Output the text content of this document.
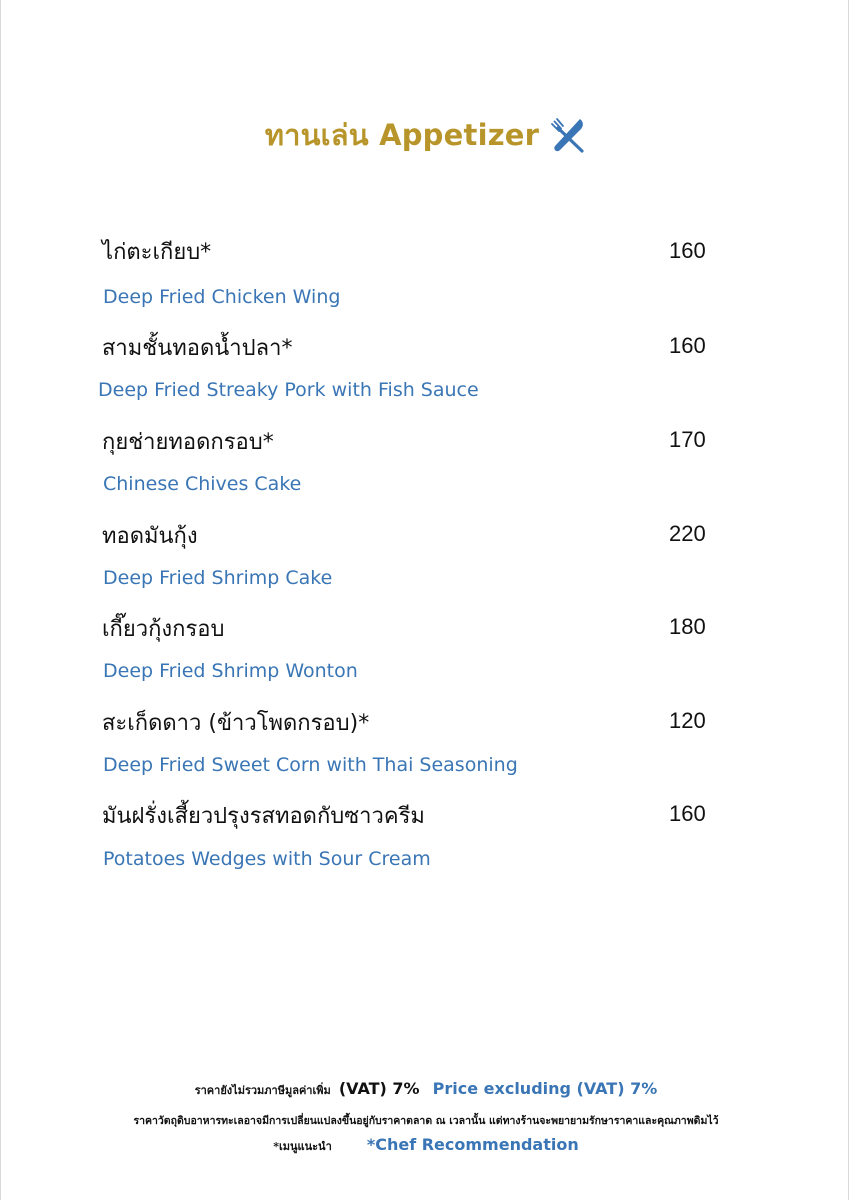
ทานเล่น Appetizer
ไก่ตะเกียบ*	160
Deep Fried Chicken Wing
สามชั้นทอดน้ำปลา*	160
Deep Fried Streaky Pork with Fish Sauce
กุยช่ายทอดกรอบ*	170
Chinese Chives Cake
ทอดมันกุ้ง	220
Deep Fried Shrimp Cake
เกี๊ยวกุ้งกรอบ	180
Deep Fried Shrimp Wonton
สะเก็ดดาว (ข้าวโพดกรอบ)*	120
Deep Fried Sweet Corn with Thai Seasoning
มันฝรั่งเสี้ยวปรุงรสทอดกับซาวครีม	160
Potatoes Wedges with Sour Cream
ราคายังไม่รวมภาษีมูลค่าเพิ่ม (VAT) 7% Price excluding (VAT) 7%
ราคาวัตถุดิบอาหารทะเลอาจมีการเปลี่ยนแปลงขึ้นอยู่กับราคาตลาด ณ เวลานั้น แต่ทางร้านจะพยายามรักษาราคาและคุณภาพดิมไว้
*เมนูแนะนำ *Chef Recommendation
